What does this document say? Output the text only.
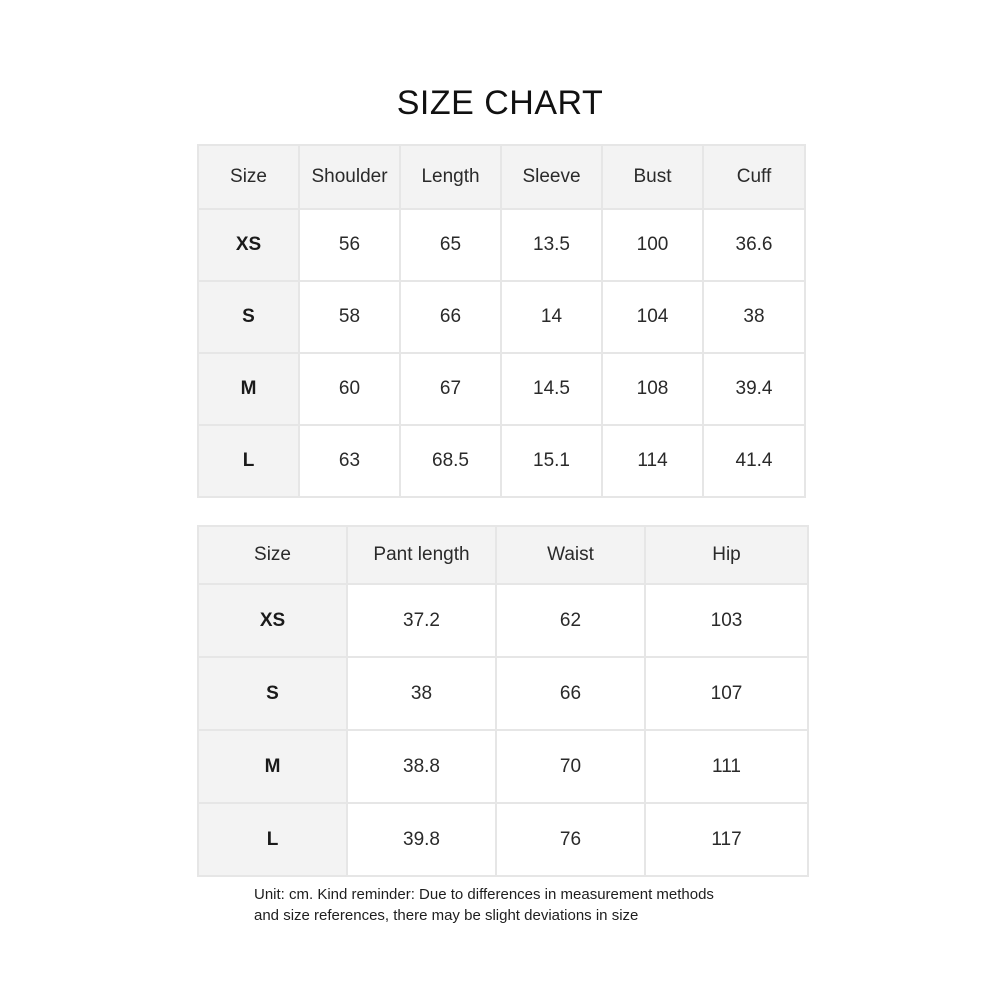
SIZE CHART
Size	Shoulder	Length	Sleeve	Bust	Cuff
XS	56	65	13.5	100	36.6
S	58	66	14	104	38
M	60	67	14.5	108	39.4
L	63	68.5	15.1	114	41.4
Size	Pant length	Waist	Hip
XS	37.2	62	103
S	38	66	107
M	38.8	70	111
L	39.8	76	117
Unit: cm. Kind reminder: Due to differences in measurement methods
and size references, there may be slight deviations in size
